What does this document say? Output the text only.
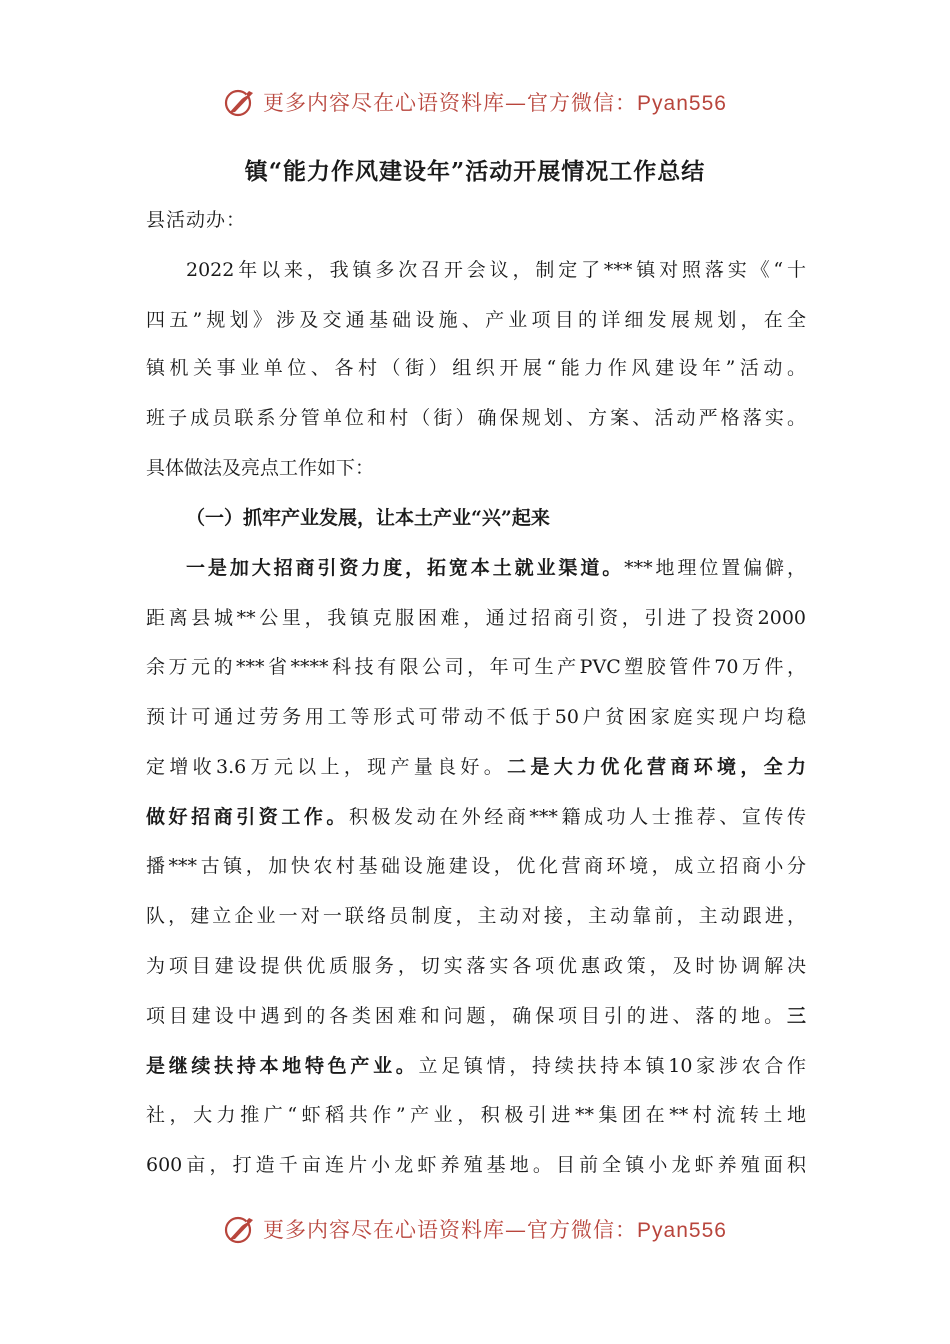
更多内容尽在心语资料库—官方微信：Pyan556
镇“能力作风建设年”活动开展情况工作总结
县活动办：
2022年以来，我镇多次召开会议，制定了***镇对照落实《“十
四五”规划》涉及交通基础设施、产业项目的详细发展规划，在全
镇机关事业单位、各村（街）组织开展“能力作风建设年”活动。
班子成员联系分管单位和村（街）确保规划、方案、活动严格落实。
具体做法及亮点工作如下：
（一）抓牢产业发展，让本土产业“兴”起来
一是加大招商引资力度，拓宽本土就业渠道。***地理位置偏僻，
距离县城**公里，我镇克服困难，通过招商引资，引进了投资2000
余万元的***省****科技有限公司，年可生产PVC塑胶管件70万件，
预计可通过劳务用工等形式可带动不低于50户贫困家庭实现户均稳
定增收3.6万元以上，现产量良好。二是大力优化营商环境，全力
做好招商引资工作。积极发动在外经商***籍成功人士推荐、宣传传
播***古镇，加快农村基础设施建设，优化营商环境，成立招商小分
队，建立企业一对一联络员制度，主动对接，主动靠前，主动跟进，
为项目建设提供优质服务，切实落实各项优惠政策，及时协调解决
项目建设中遇到的各类困难和问题，确保项目引的进、落的地。三
是继续扶持本地特色产业。立足镇情，持续扶持本镇10家涉农合作
社，大力推广“虾稻共作”产业，积极引进**集团在**村流转土地
600亩，打造千亩连片小龙虾养殖基地。目前全镇小龙虾养殖面积
更多内容尽在心语资料库—官方微信：Pyan556
